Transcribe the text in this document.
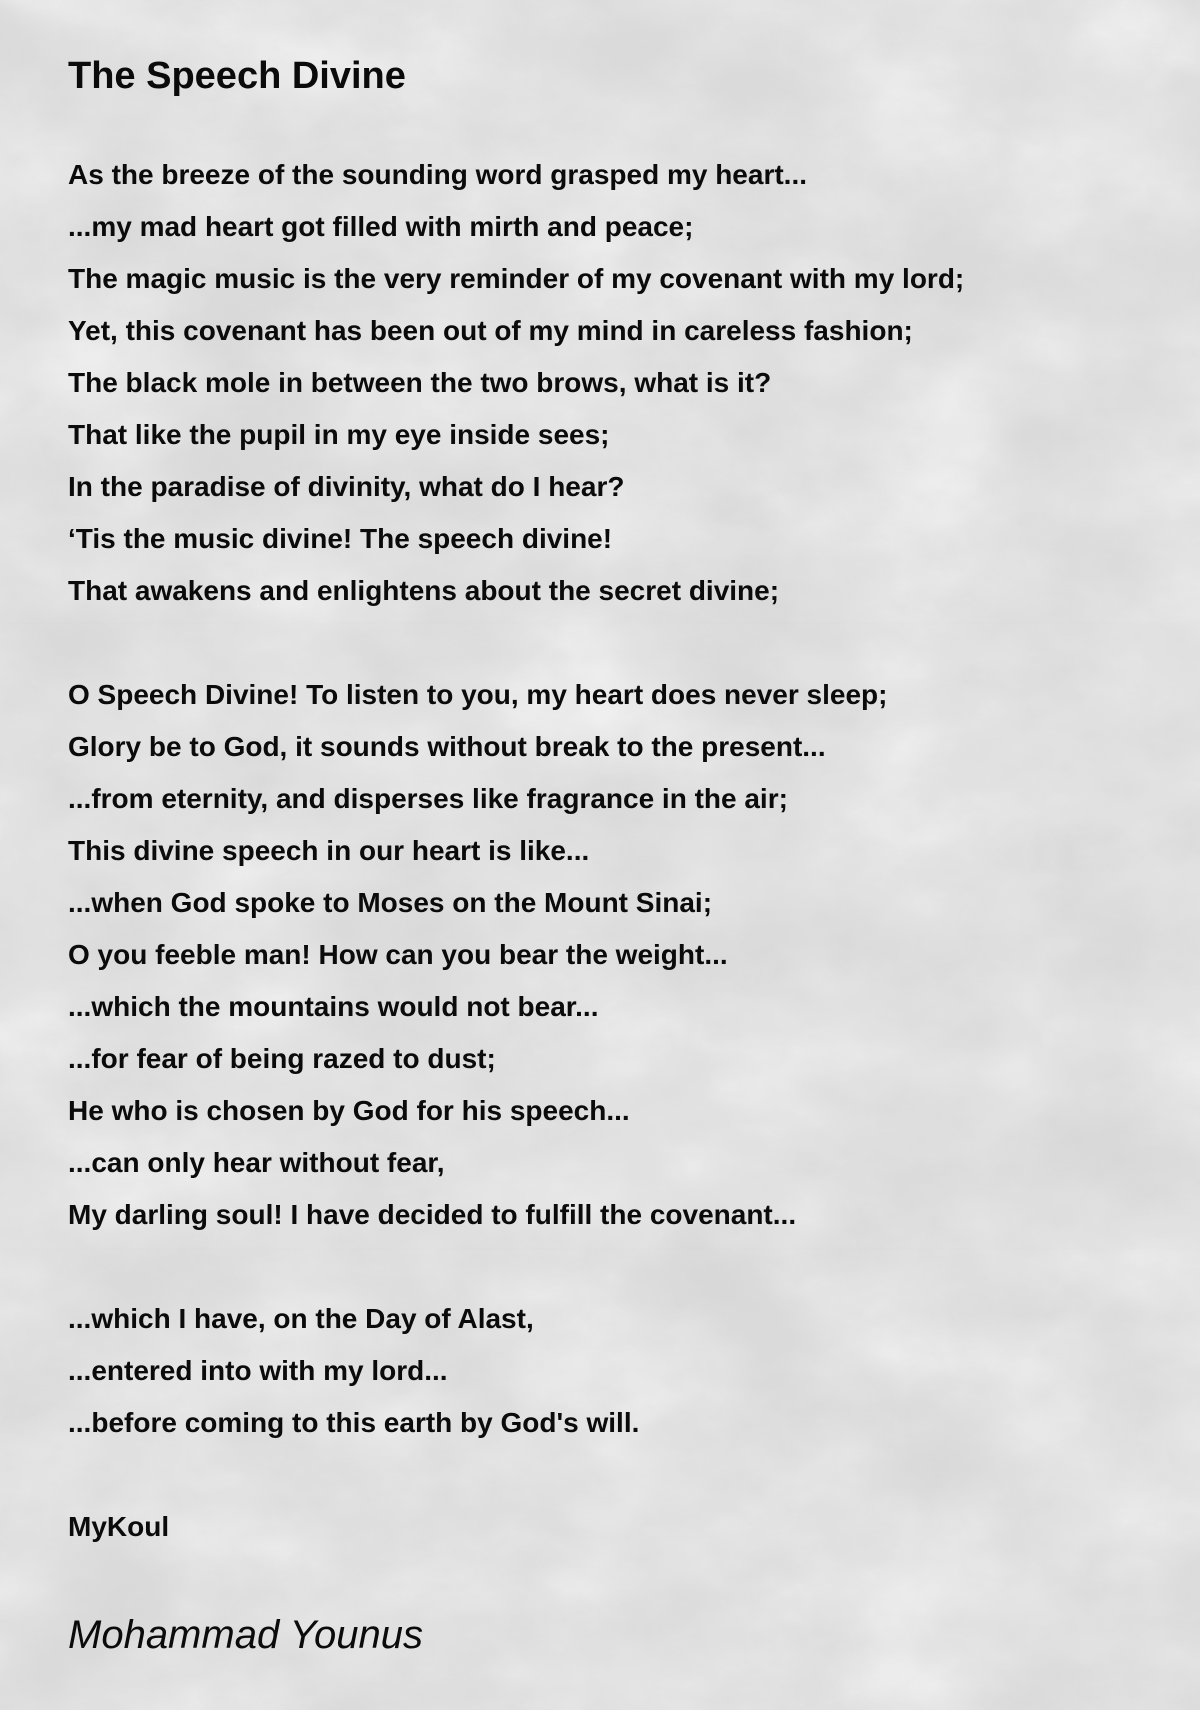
The Speech Divine
As the breeze of the sounding word grasped my heart...
...my mad heart got filled with mirth and peace;
The magic music is the very reminder of my covenant with my lord;
Yet, this covenant has been out of my mind in careless fashion;
The black mole in between the two brows, what is it?
That like the pupil in my eye inside sees;
In the paradise of divinity, what do I hear?
‘Tis the music divine! The speech divine!
That awakens and enlightens about the secret divine;
O Speech Divine! To listen to you, my heart does never sleep;
Glory be to God, it sounds without break to the present...
...from eternity, and disperses like fragrance in the air;
This divine speech in our heart is like...
...when God spoke to Moses on the Mount Sinai;
O you feeble man! How can you bear the weight...
...which the mountains would not bear...
...for fear of being razed to dust;
He who is chosen by God for his speech...
...can only hear without fear,
My darling soul! I have decided to fulfill the covenant...
...which I have, on the Day of Alast,
...entered into with my lord...
...before coming to this earth by God's will.
MyKoul
Mohammad Younus
